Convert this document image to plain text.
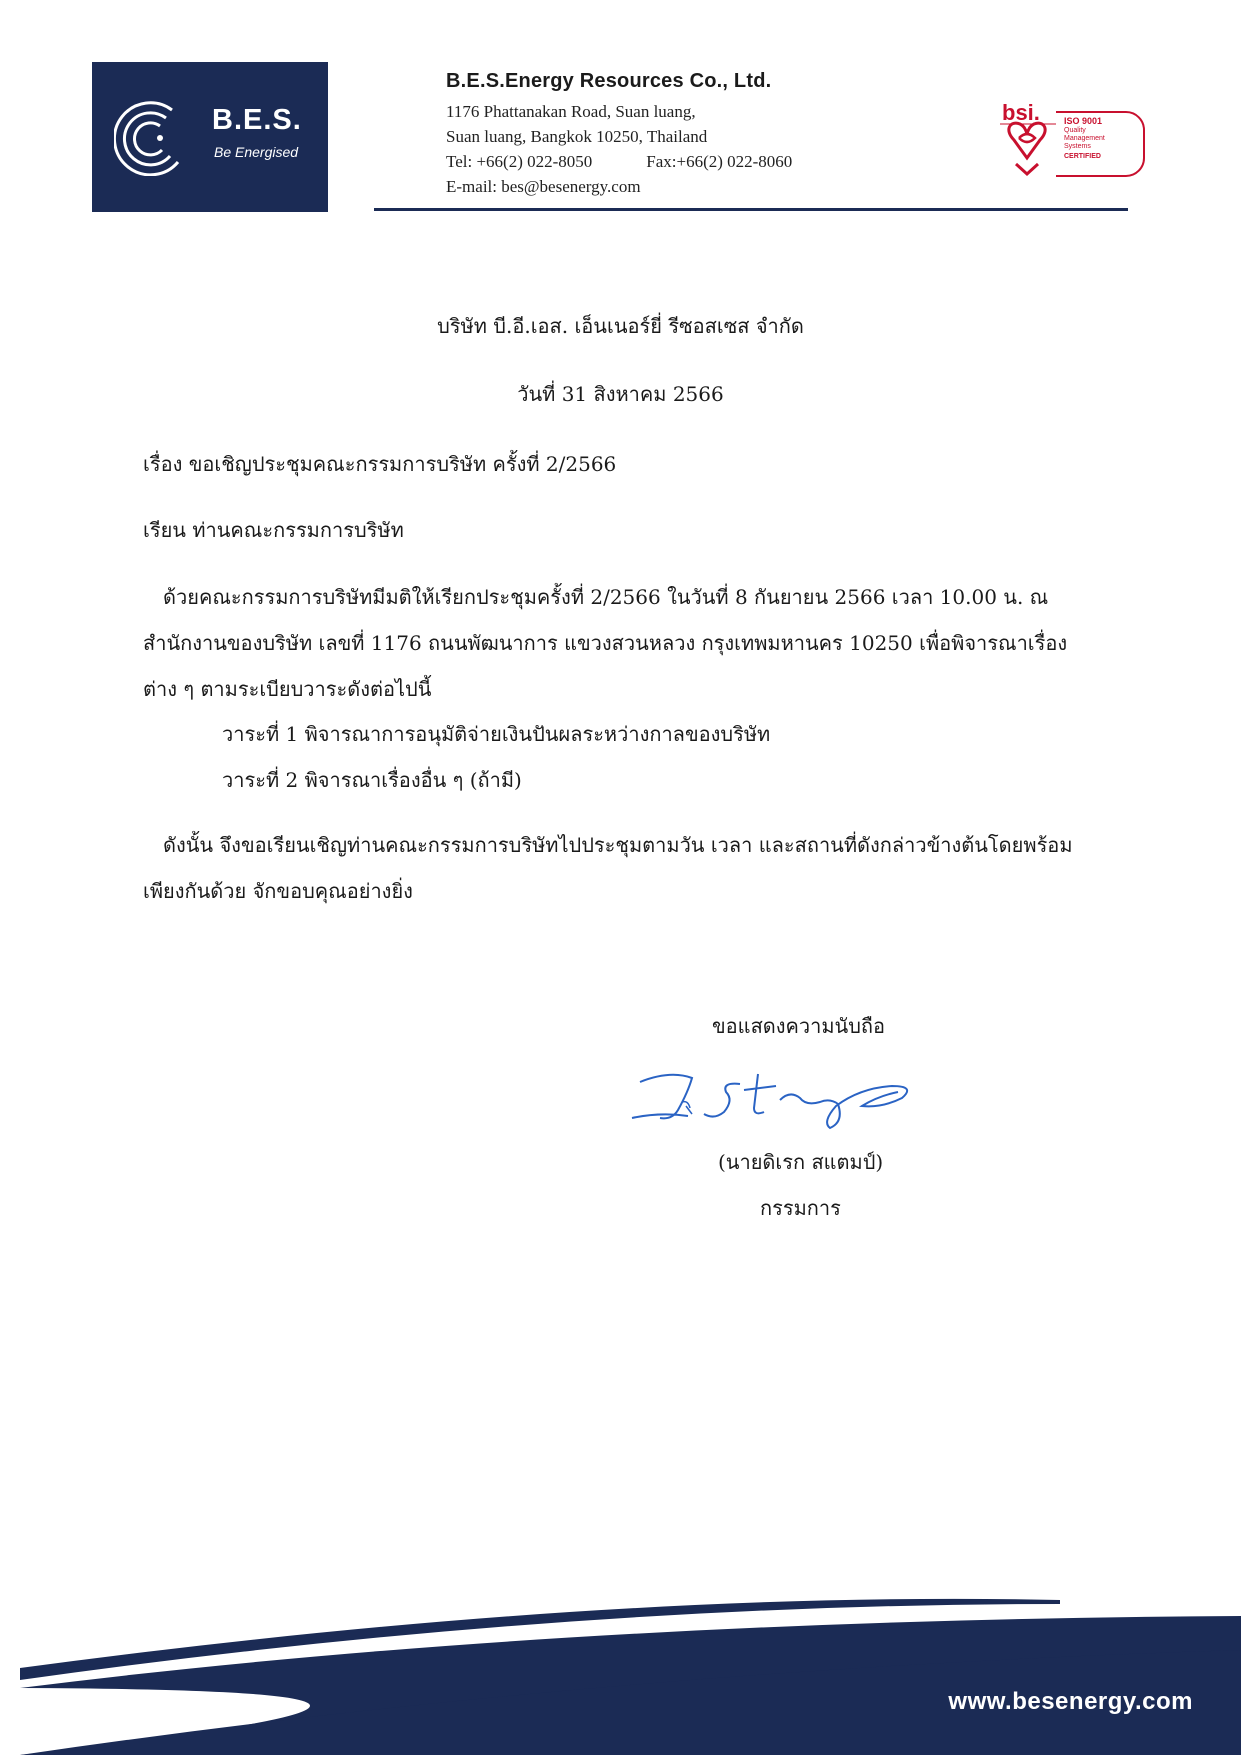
B.E.S.
Be Energised
B.E.S.Energy Resources Co., Ltd.
1176 Phattanakan Road, Suan luang,
Suan luang, Bangkok 10250, Thailand
Tel: +66(2) 022-8050	Fax:+66(2) 022-8060
E-mail: bes@besenergy.com
bsi.	ISO 9001
Quality
Management
Systems
CERTIFIED
บริษัท บี.อี.เอส. เอ็นเนอร์ยี่ รีซอสเซส จำกัด
วันที่ 31 สิงหาคม 2566
เรื่อง ขอเชิญประชุมคณะกรรมการบริษัท ครั้งที่ 2/2566
เรียน ท่านคณะกรรมการบริษัท

ด้วยคณะกรรมการบริษัทมีมติให้เรียกประชุมครั้งที่ 2/2566 ในวันที่ 8 กันยายน 2566 เวลา 10.00 น. ณ สำนักงานของบริษัท เลขที่ 1176 ถนนพัฒนาการ แขวงสวนหลวง กรุงเทพมหานคร 10250 เพื่อพิจารณาเรื่องต่าง ๆ ตามระเบียบวาระดังต่อไปนี้

วาระที่ 1 พิจารณาการอนุมัติจ่ายเงินปันผลระหว่างกาลของบริษัท
วาระที่ 2 พิจารณาเรื่องอื่น ๆ (ถ้ามี)

ดังนั้น จึงขอเรียนเชิญท่านคณะกรรมการบริษัทไปประชุมตามวัน เวลา และสถานที่ดังกล่าวข้างต้นโดยพร้อมเพียงกันด้วย จักขอบคุณอย่างยิ่ง

ขอแสดงความนับถือ
(นายดิเรก สแตมป์)
กรรมการ
www.besenergy.com
